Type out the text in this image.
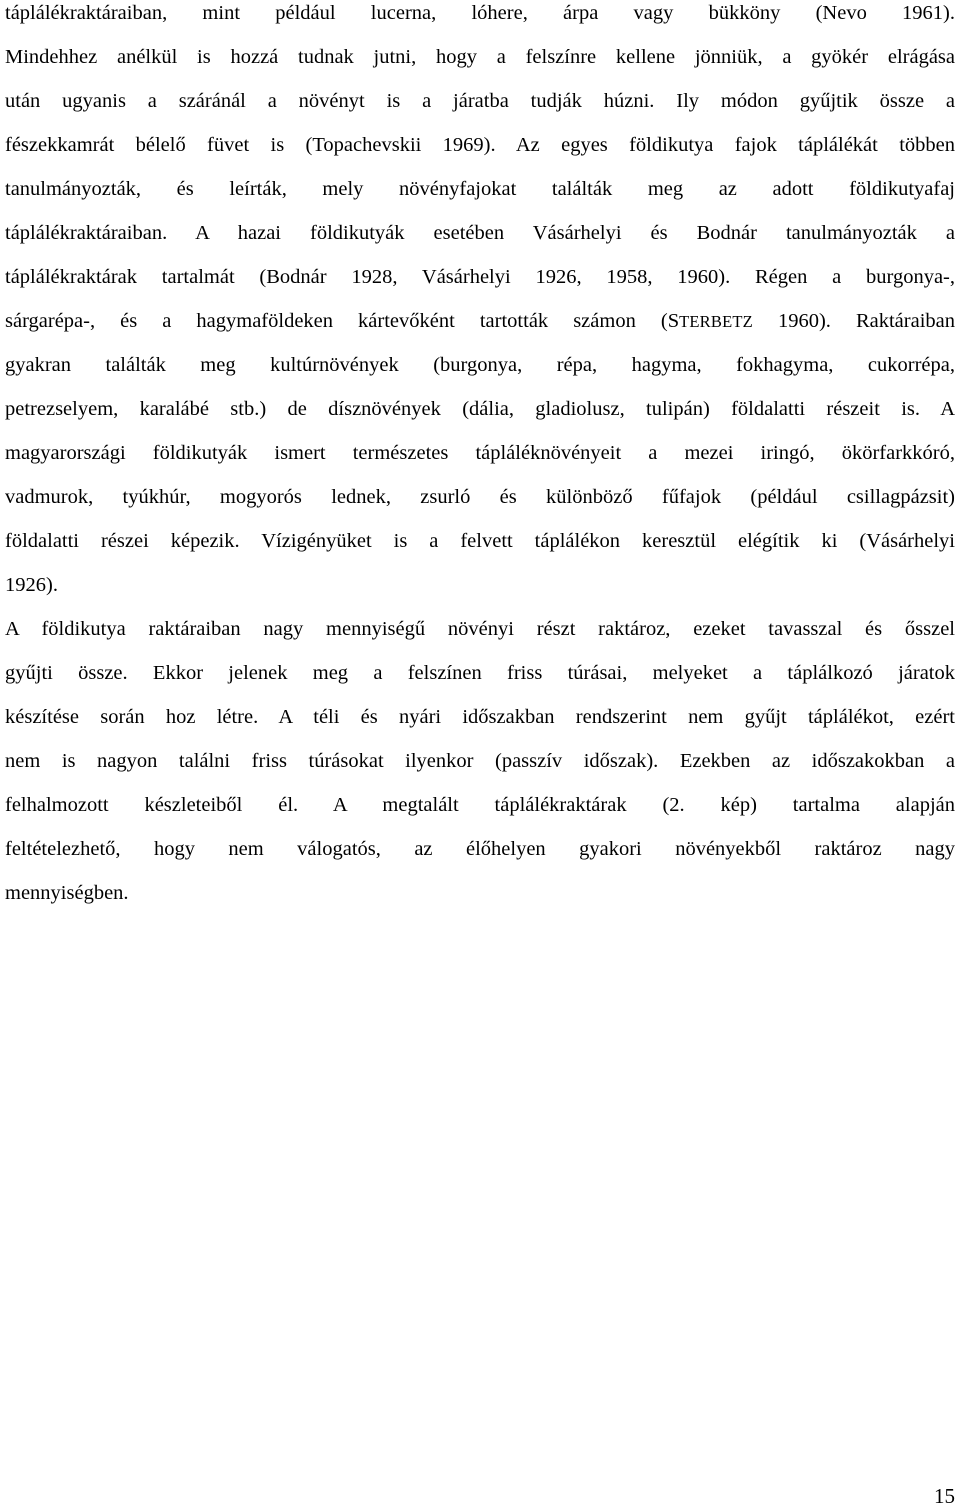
táplálékraktáraiban, mint például lucerna, lóhere, árpa vagy bükköny (Nevo 1961).
Mindehhez anélkül is hozzá tudnak jutni, hogy a felszínre kellene jönniük, a gyökér elrágása
után ugyanis a száránál a növényt is a járatba tudják húzni. Ily módon gyűjtik össze a
fészekkamrát bélelő füvet is (Topachevskii 1969). Az egyes földikutya fajok táplálékát többen
tanulmányozták, és leírták, mely növényfajokat találták meg az adott földikutyafaj
táplálékraktáraiban. A hazai földikutyák esetében Vásárhelyi és Bodnár tanulmányozták a
táplálékraktárak tartalmát (Bodnár 1928, Vásárhelyi 1926, 1958, 1960). Régen a burgonya-,
sárgarépa-, és a hagymaföldeken kártevőként tartották számon (STERBETZ 1960). Raktáraiban
gyakran találták meg kultúrnövények (burgonya, répa, hagyma, fokhagyma, cukorrépa,
petrezselyem, karalábé stb.) de dísznövények (dália, gladiolusz, tulipán) földalatti részeit is. A
magyarországi földikutyák ismert természetes tápláléknövényeit a mezei iringó, ökörfarkkóró,
vadmurok, tyúkhúr, mogyorós lednek, zsurló és különböző fűfajok (például csillagpázsit)
földalatti részei képezik. Vízigényüket is a felvett táplálékon keresztül elégítik ki (Vásárhelyi
1926).
A földikutya raktáraiban nagy mennyiségű növényi részt raktároz, ezeket tavasszal és ősszel
gyűjti össze. Ekkor jelenek meg a felszínen friss túrásai, melyeket a táplálkozó járatok
készítése során hoz létre. A téli és nyári időszakban rendszerint nem gyűjt táplálékot, ezért
nem is nagyon találni friss túrásokat ilyenkor (passzív időszak). Ezekben az időszakokban a
felhalmozott készleteiből él. A megtalált táplálékraktárak (2. kép) tartalma alapján
feltételezhető, hogy nem válogatós, az élőhelyen gyakori növényekből raktároz nagy
mennyiségben.
15
